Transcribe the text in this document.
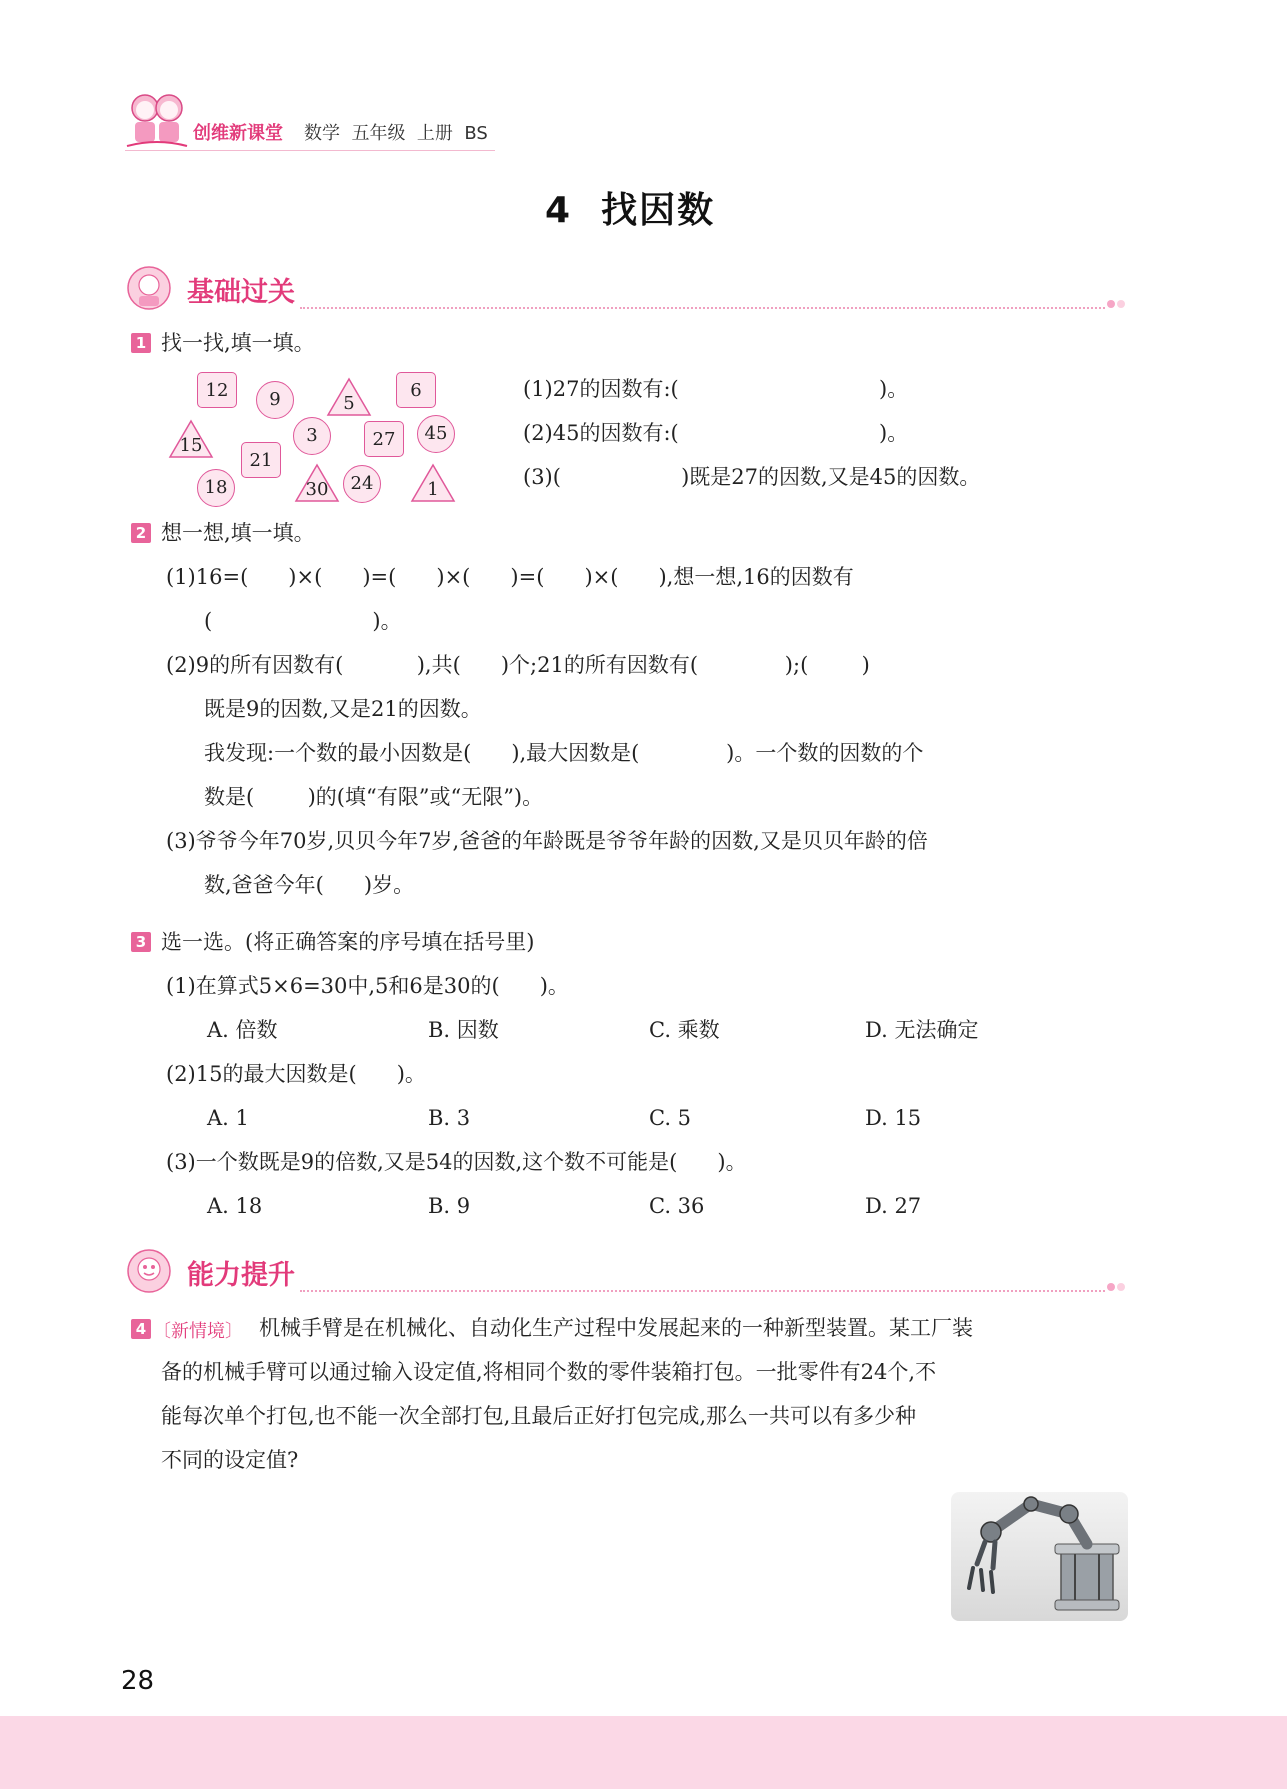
创维新课堂 数学  五年级  上册  BS
4  找因数
基础过关
1 找一找,填一填。
12	9	5
6
15
21
3	27	45
18	30	24	1
(1)27的因数有:(                              )。
(2)45的因数有:(                              )。
(3)(                  )既是27的因数,又是45的因数。
2 想一想,填一填。
(1)16=(      )×(      )=(      )×(      )=(      )×(      ),想一想,16的因数有
(                        )。
(2)9的所有因数有(           ),共(      )个;21的所有因数有(             );(        )
既是9的因数,又是21的因数。
我发现:一个数的最小因数是(      ),最大因数是(             )。一个数的因数的个
数是(        )的(填“有限”或“无限”)。
(3)爷爷今年70岁,贝贝今年7岁,爸爸的年龄既是爷爷年龄的因数,又是贝贝年龄的倍
数,爸爸今年(      )岁。
3 选一选。(将正确答案的序号填在括号里)
(1)在算式5×6=30中,5和6是30的(      )。
A. 倍数	B. 因数	C. 乘数	D. 无法确定
(2)15的最大因数是(      )。
A. 1	B. 3	C. 5	D. 15
(3)一个数既是9的倍数,又是54的因数,这个数不可能是(      )。
A. 18	B. 9	C. 36	D. 27
能力提升
4 〔新情境〕 机械手臂是在机械化、自动化生产过程中发展起来的一种新型装置。某工厂装
备的机械手臂可以通过输入设定值,将相同个数的零件装箱打包。一批零件有24个,不
能每次单个打包,也不能一次全部打包,且最后正好打包完成,那么一共可以有多少种
不同的设定值?
28
